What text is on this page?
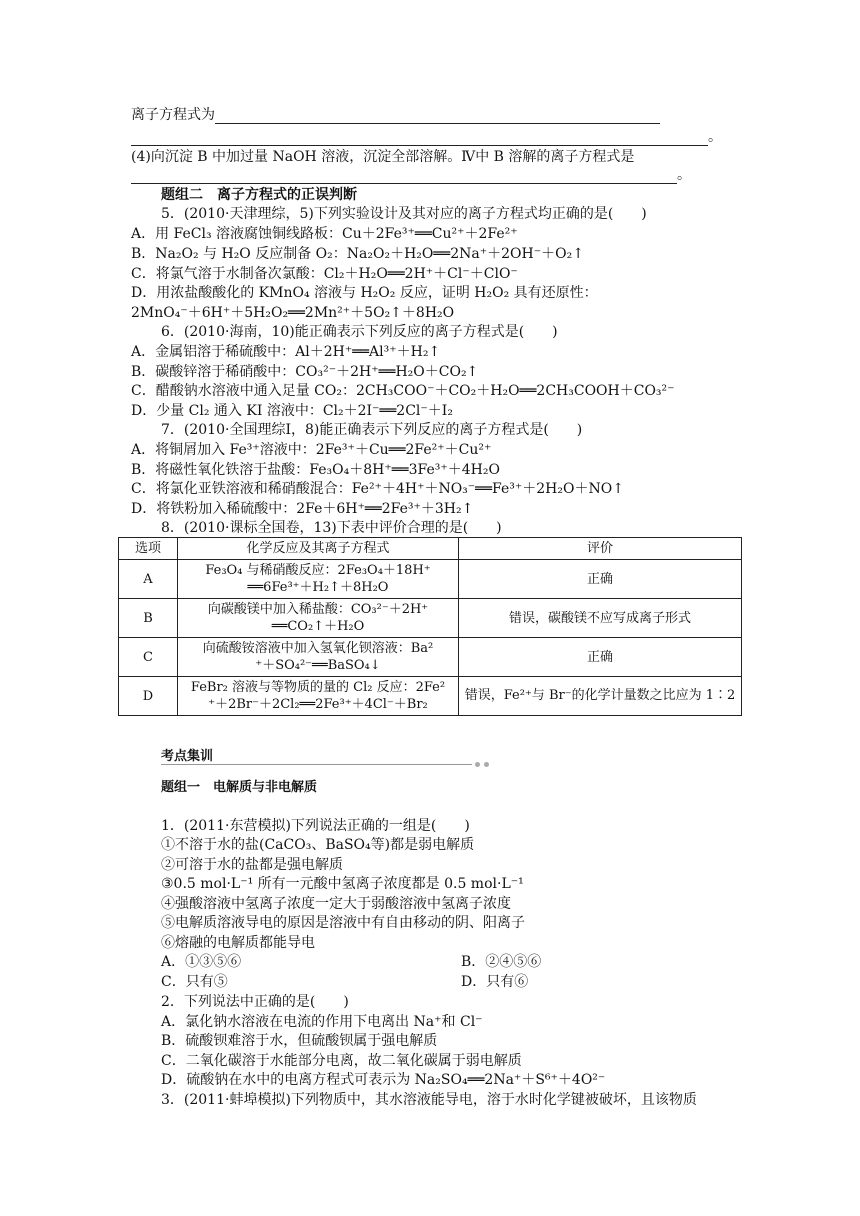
离子方程式为
。
(4)向沉淀 B 中加过量 NaOH 溶液，沉淀全部溶解。Ⅳ中 B 溶解的离子方程式是
。
题组二　离子方程式的正误判断
5．(2010·天津理综，5)下列实验设计及其对应的离子方程式均正确的是(　　)
A．用 FeCl₃ 溶液腐蚀铜线路板：Cu＋2Fe³⁺══Cu²⁺＋2Fe²⁺
B．Na₂O₂ 与 H₂O 反应制备 O₂：Na₂O₂＋H₂O══2Na⁺＋2OH⁻＋O₂↑
C．将氯气溶于水制备次氯酸：Cl₂＋H₂O══2H⁺＋Cl⁻＋ClO⁻
D．用浓盐酸酸化的 KMnO₄ 溶液与 H₂O₂ 反应，证明 H₂O₂ 具有还原性：
2MnO₄⁻＋6H⁺＋5H₂O₂══2Mn²⁺＋5O₂↑＋8H₂O
6．(2010·海南，10)能正确表示下列反应的离子方程式是(　　)
A．金属铝溶于稀硫酸中：Al＋2H⁺══Al³⁺＋H₂↑
B．碳酸锌溶于稀硝酸中：CO₃²⁻＋2H⁺══H₂O＋CO₂↑
C．醋酸钠水溶液中通入足量 CO₂：2CH₃COO⁻＋CO₂＋H₂O══2CH₃COOH＋CO₃²⁻
D．少量 Cl₂ 通入 KI 溶液中：Cl₂＋2I⁻══2Cl⁻＋I₂
7．(2010·全国理综Ⅰ，8)能正确表示下列反应的离子方程式是(　　)
A．将铜屑加入 Fe³⁺溶液中：2Fe³⁺＋Cu══2Fe²⁺＋Cu²⁺
B．将磁性氧化铁溶于盐酸：Fe₃O₄＋8H⁺══3Fe³⁺＋4H₂O
C．将氯化亚铁溶液和稀硝酸混合：Fe²⁺＋4H⁺＋NO₃⁻══Fe³⁺＋2H₂O＋NO↑
D．将铁粉加入稀硫酸中：2Fe＋6H⁺══2Fe³⁺＋3H₂↑
8．(2010·课标全国卷，13)下表中评价合理的是(　　)
选项	化学反应及其离子方程式	评价
A	Fe₃O₄ 与稀硝酸反应：2Fe₃O₄＋18H⁺
══6Fe³⁺＋H₂↑＋8H₂O	正确
B	向碳酸镁中加入稀盐酸：CO₃²⁻＋2H⁺
══CO₂↑＋H₂O	错误，碳酸镁不应写成离子形式
C	向硫酸铵溶液中加入氢氧化钡溶液：Ba²
⁺＋SO₄²⁻══BaSO₄↓	正确
D	FeBr₂ 溶液与等物质的量的 Cl₂ 反应：2Fe²
⁺＋2Br⁻＋2Cl₂══2Fe³⁺＋4Cl⁻＋Br₂	错误，Fe²⁺与 Br⁻的化学计量数之比应为 1∶2
考点集训
题组一　电解质与非电解质
1．(2011·东营模拟)下列说法正确的一组是(　　)
①不溶于水的盐(CaCO₃、BaSO₄等)都是弱电解质
②可溶于水的盐都是强电解质
③0.5 mol·L⁻¹ 所有一元酸中氢离子浓度都是 0.5 mol·L⁻¹
④强酸溶液中氢离子浓度一定大于弱酸溶液中氢离子浓度
⑤电解质溶液导电的原因是溶液中有自由移动的阴、阳离子
⑥熔融的电解质都能导电
A．①③⑤⑥	B．②④⑤⑥
C．只有⑤	D．只有⑥
2．下列说法中正确的是(　　)
A．氯化钠水溶液在电流的作用下电离出 Na⁺和 Cl⁻
B．硫酸钡难溶于水，但硫酸钡属于强电解质
C．二氧化碳溶于水能部分电离，故二氧化碳属于弱电解质
D．硫酸钠在水中的电离方程式可表示为 Na₂SO₄══2Na⁺＋S⁶⁺＋4O²⁻
3．(2011·蚌埠模拟)下列物质中，其水溶液能导电，溶于水时化学键被破坏，且该物质
